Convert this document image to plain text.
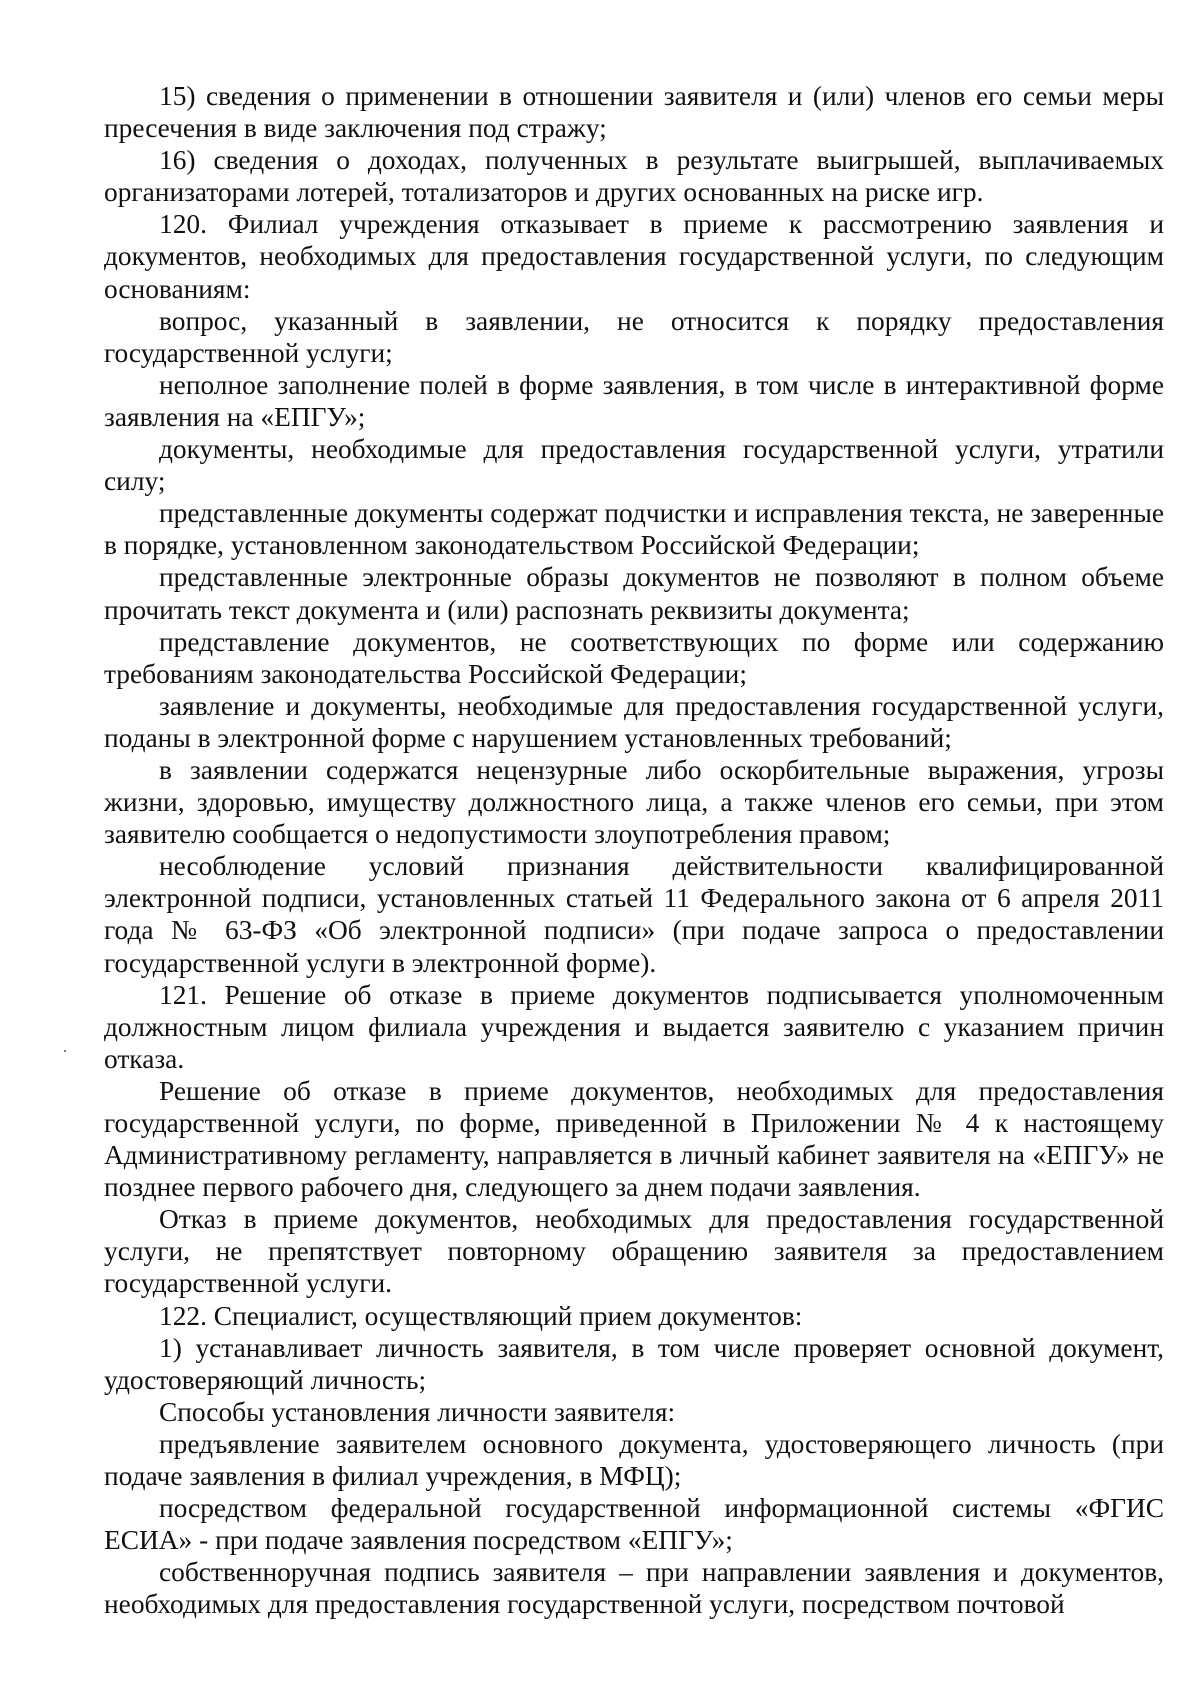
15) сведения о применении в отношении заявителя и (или) членов его семьи меры пресечения в виде заключения под стражу;

16) сведения о доходах, полученных в результате выигрышей, выплачиваемых организаторами лотерей, тотализаторов и других основанных на риске игр.

120. Филиал учреждения отказывает в приеме к рассмотрению заявления и документов, необходимых для предоставления государственной услуги, по следующим основаниям:

вопрос, указанный в заявлении, не относится к порядку предоставления государственной услуги;

неполное заполнение полей в форме заявления, в том числе в интерактивной форме заявления на «ЕПГУ»;

документы, необходимые для предоставления государственной услуги, утратили силу;

представленные документы содержат подчистки и исправления текста, не заверенные в порядке, установленном законодательством Российской Федерации;

представленные электронные образы документов не позволяют в полном объеме прочитать текст документа и (или) распознать реквизиты документа;

представление документов, не соответствующих по форме или содержанию требованиям законодательства Российской Федерации;

заявление и документы, необходимые для предоставления государственной услуги, поданы в электронной форме с нарушением установленных требований;

в заявлении содержатся нецензурные либо оскорбительные выражения, угрозы жизни, здоровью, имуществу должностного лица, а также членов его семьи, при этом заявителю сообщается о недопустимости злоупотребления правом;

несоблюдение условий признания действительности квалифицированной электронной подписи, установленных статьей 11 Федерального закона от 6 апреля 2011 года № 63-ФЗ «Об электронной подписи» (при подаче запроса о предоставлении государственной услуги в электронной форме).

121. Решение об отказе в приеме документов подписывается уполномоченным должностным лицом филиала учреждения и выдается заявителю с указанием причин отказа.

Решение об отказе в приеме документов, необходимых для предоставления государственной услуги, по форме, приведенной в Приложении № 4 к настоящему Административному регламенту, направляется в личный кабинет заявителя на «ЕПГУ» не позднее первого рабочего дня, следующего за днем подачи заявления.

Отказ в приеме документов, необходимых для предоставления государственной услуги, не препятствует повторному обращению заявителя за предоставлением государственной услуги.

122. Специалист, осуществляющий прием документов:

1) устанавливает личность заявителя, в том числе проверяет основной документ, удостоверяющий личность;

Способы установления личности заявителя:

предъявление заявителем основного документа, удостоверяющего личность (при подаче заявления в филиал учреждения, в МФЦ);

посредством федеральной государственной информационной системы «ФГИС ЕСИА» - при подаче заявления посредством «ЕПГУ»;

собственноручная подпись заявителя – при направлении заявления и документов, необходимых для предоставления государственной услуги, посредством почтовой
